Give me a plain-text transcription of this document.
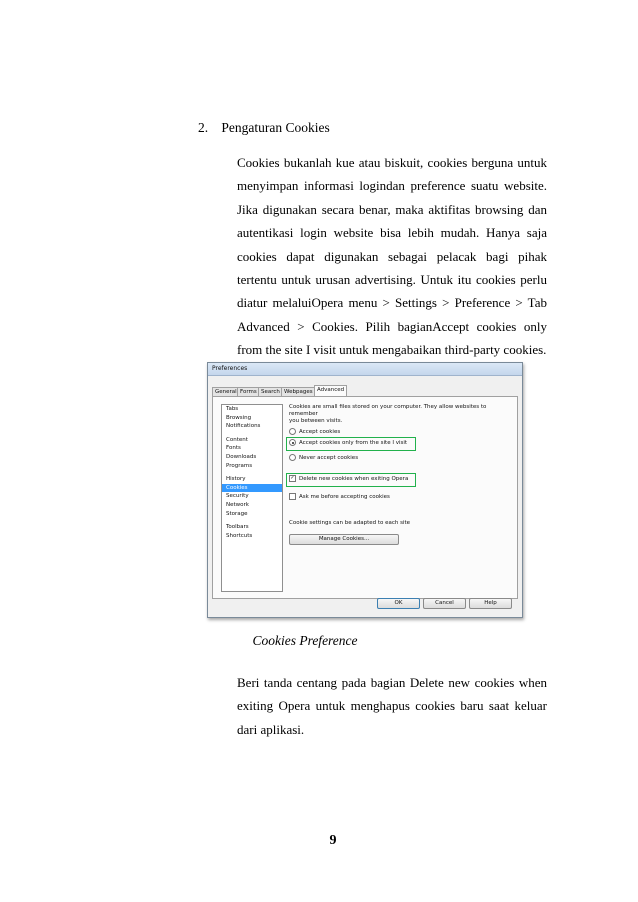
2. Pengaturan Cookies
Cookies bukanlah kue atau biskuit, cookies berguna untuk menyimpan informasi logindan preference suatu website. Jika digunakan secara benar, maka aktifitas browsing dan autentikasi login website bisa lebih mudah. Hanya saja cookies dapat digunakan sebagai pelacak bagi pihak tertentu untuk urusan advertising. Untuk itu cookies perlu diatur melaluiOpera menu > Settings > Preference > Tab Advanced > Cookies. Pilih bagianAccept cookies only from the site I visit untuk mengabaikan third-party cookies.
Preferences
General Forms Search Webpages Advanced
Tabs
Browsing
Notifications
Content
Fonts
Downloads
Programs
History
Cookies
Security
Network
Storage
Toolbars
Shortcuts
Cookies are small files stored on your computer. They allow websites to remember
you between visits.
Accept cookies
Accept cookies only from the site I visit
Never accept cookies
✓ Delete new cookies when exiting Opera
Ask me before accepting cookies
Cookie settings can be adapted to each site
Manage Cookies...
OK	Cancel	Help
Cookies Preference
Beri tanda centang pada bagian Delete new cookies when exiting Opera untuk menghapus cookies baru saat keluar dari aplikasi.
9
